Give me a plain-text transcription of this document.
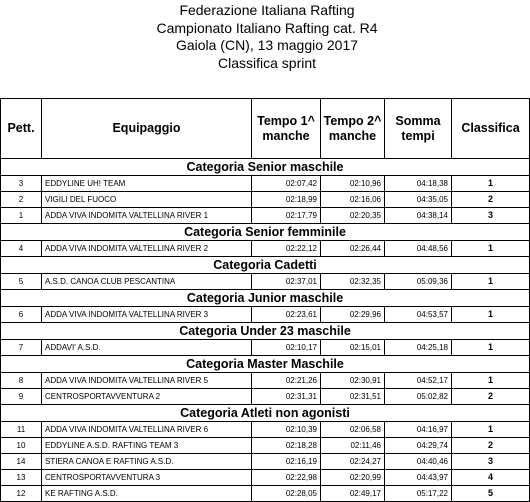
Federazione Italiana Rafting
Campionato Italiano Rafting cat. R4
Gaiola (CN), 13 maggio 2017
Classifica sprint
Pett.	Equipaggio	Tempo 1^ manche	Tempo 2^ manche	Somma tempi	Classifica
Categoria Senior maschile					
3	EDDYLINE UH! TEAM	02:07,42	02:10,96	04:18,38	1
2	VIGILI DEL FUOCO	02:18,99	02:16,06	04:35,05	2
1	ADDA VIVA INDOMITA VALTELLINA RIVER 1	02:17,79	02:20,35	04:38,14	3
Categoria Senior femminile					
4	ADDA VIVA INDOMITA VALTELLINA RIVER 2	02:22,12	02:26,44	04:48,56	1
Categoria Cadetti					
5	A.S.D. CANOA CLUB PESCANTINA	02:37,01	02:32,35	05:09,36	1
Categoria Junior maschile					
6	ADDA VIVA INDOMITA VALTELLINA RIVER 3	02:23,61	02:29,96	04:53,57	1
Categoria Under 23 maschile					
7	ADDAVI' A.S.D.	02:10,17	02:15,01	04:25,18	1
Categoria Master Maschile					
8	ADDA VIVA INDOMITA VALTELLINA RIVER 5	02:21,26	02:30,91	04:52,17	1
9	CENTROSPORTAVVENTURA 2	02:31,31	02:31,51	05:02,82	2
Categoria Atleti non agonisti					
11	ADDA VIVA INDOMITA VALTELLINA RIVER 6	02:10,39	02:06,58	04:16,97	1
10	EDDYLINE A.S.D. RAFTING TEAM 3	02:18,28	02:11,46	04:29,74	2
14	STIERA CANOA E RAFTING A.S.D.	02:16,19	02:24,27	04:40,46	3
13	CENTROSPORTAVVENTURA 3	02:22,98	02:20,99	04:43,97	4
12	KE RAFTING A.S.D.	02:28,05	02:49,17	05:17,22	5
